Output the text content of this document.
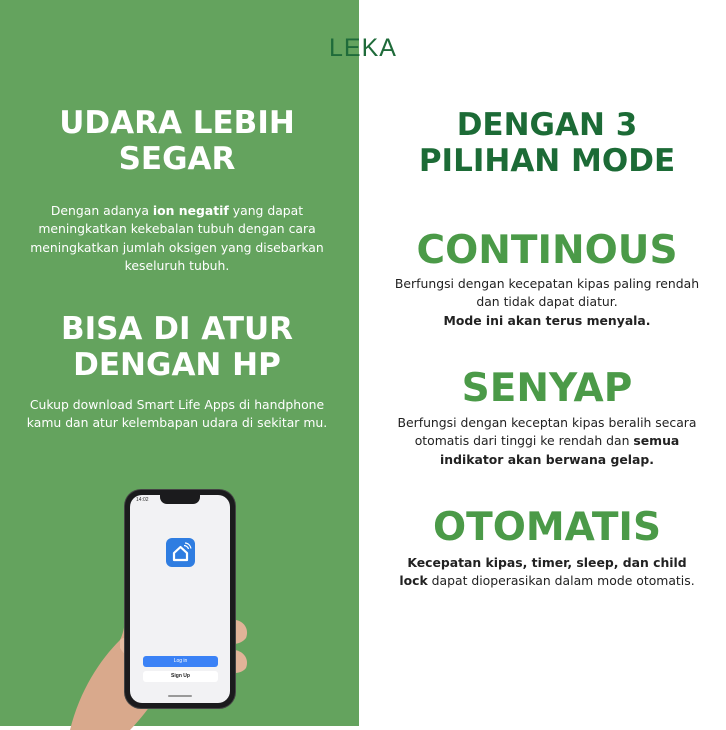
LEKA
UDARA LEBIH
SEGAR

Dengan adanya ion negatif yang dapat meningkatkan kekebalan tubuh dengan cara meningkatkan jumlah oksigen yang disebarkan keseluruh tubuh.

BISA DI ATUR
DENGAN HP

Cukup download Smart Life Apps di handphone kamu dan atur kelembapan udara di sekitar mu.

14:02
Log in
Sign Up
DENGAN 3
PILIHAN MODE
CONTINOUS

Berfungsi dengan kecepatan kipas paling rendah dan tidak dapat diatur.
Mode ini akan terus menyala.

SENYAP

Berfungsi dengan keceptan kipas beralih secara otomatis dari tinggi ke rendah dan semua indikator akan berwana gelap.

OTOMATIS

Kecepatan kipas, timer, sleep, dan child lock dapat dioperasikan dalam mode otomatis.
